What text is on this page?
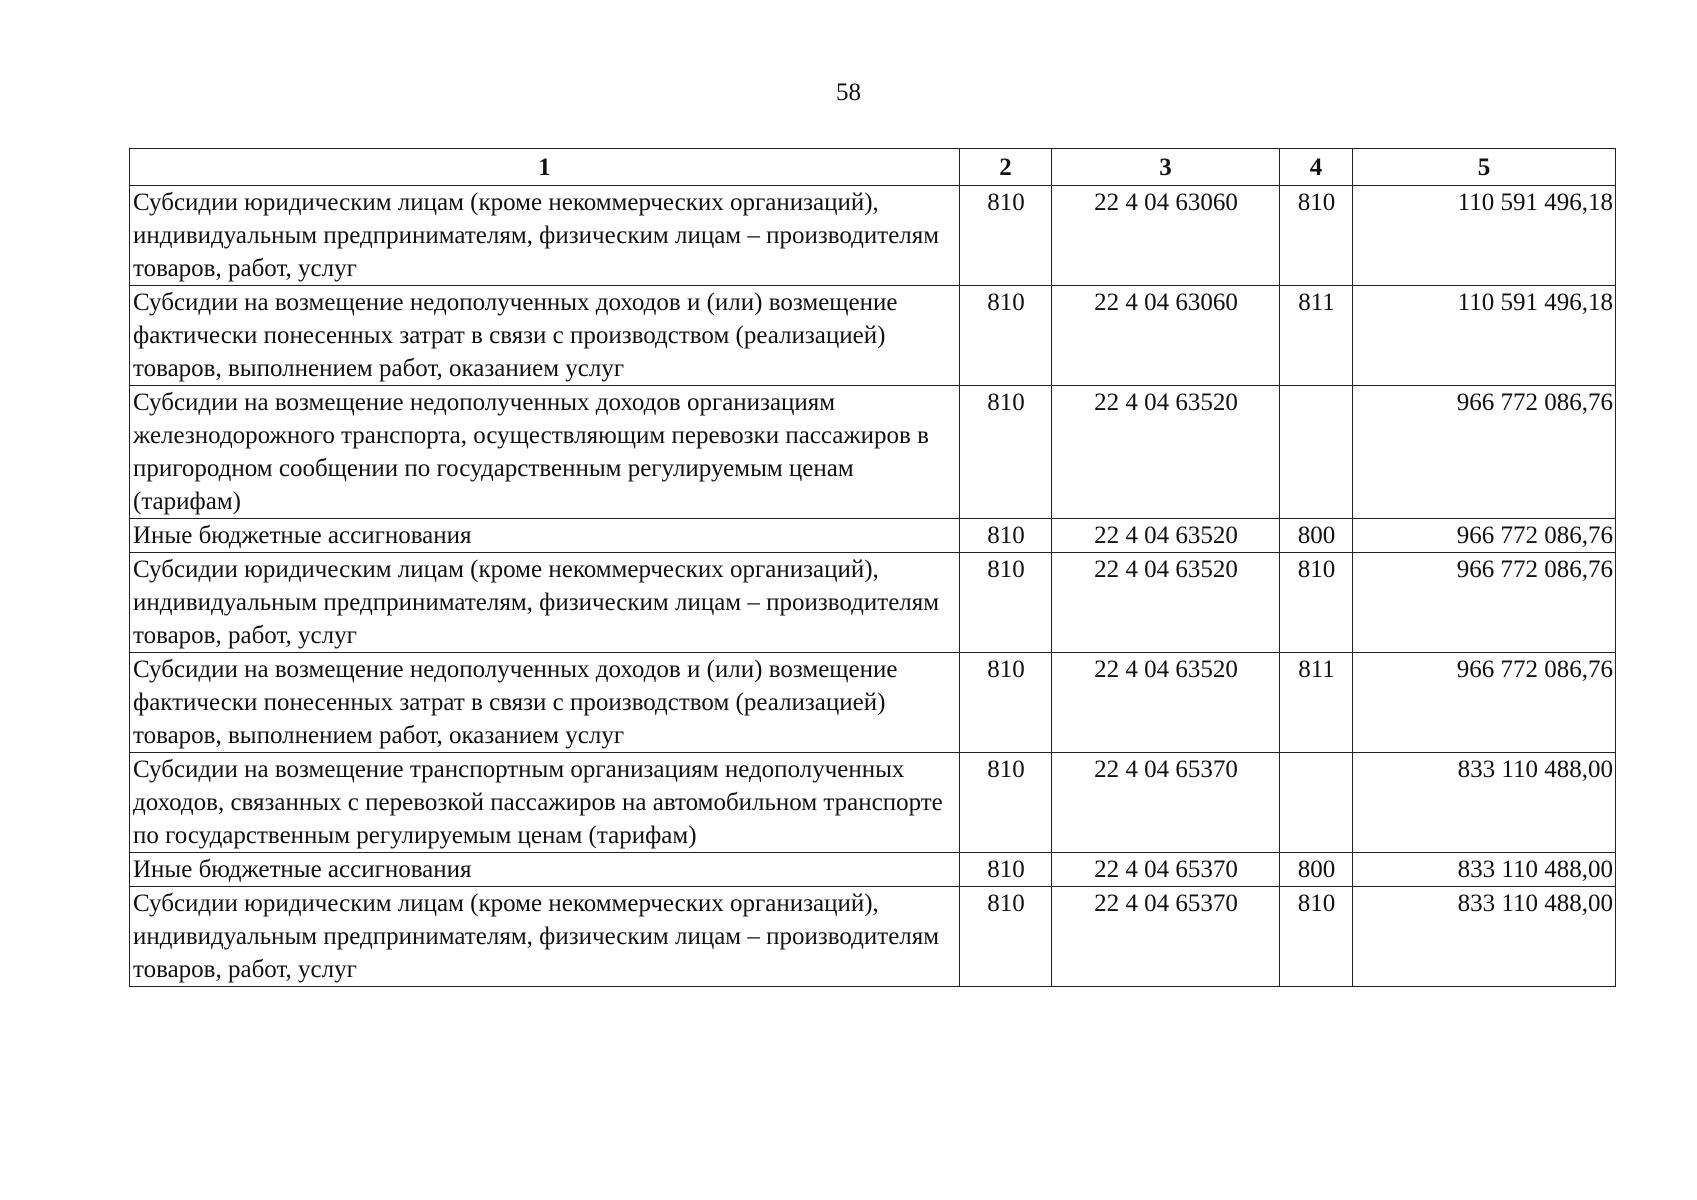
58
1	2	3	4	5
Субсидии юридическим лицам (кроме некоммерческих организаций), индивидуальным предпринимателям, физическим лицам – производителям товаров, работ, услуг	810	22 4 04 63060	810	110 591 496,18
Субсидии на возмещение недополученных доходов и (или) возмещение фактически понесенных затрат в связи с производством (реализацией) товаров, выполнением работ, оказанием услуг	810	22 4 04 63060	811	110 591 496,18
Субсидии на возмещение недополученных доходов организациям железнодорожного транспорта, осуществляющим перевозки пассажиров в пригородном сообщении по государственным регулируемым ценам (тарифам)	810	22 4 04 63520		966 772 086,76
Иные бюджетные ассигнования	810	22 4 04 63520	800	966 772 086,76
Субсидии юридическим лицам (кроме некоммерческих организаций), индивидуальным предпринимателям, физическим лицам – производителям товаров, работ, услуг	810	22 4 04 63520	810	966 772 086,76
Субсидии на возмещение недополученных доходов и (или) возмещение фактически понесенных затрат в связи с производством (реализацией) товаров, выполнением работ, оказанием услуг	810	22 4 04 63520	811	966 772 086,76
Субсидии на возмещение транспортным организациям недополученных доходов, связанных с перевозкой пассажиров на автомобильном транспорте по государственным регулируемым ценам (тарифам)	810	22 4 04 65370		833 110 488,00
Иные бюджетные ассигнования	810	22 4 04 65370	800	833 110 488,00
Субсидии юридическим лицам (кроме некоммерческих организаций), индивидуальным предпринимателям, физическим лицам – производителям товаров, работ, услуг	810	22 4 04 65370	810	833 110 488,00
